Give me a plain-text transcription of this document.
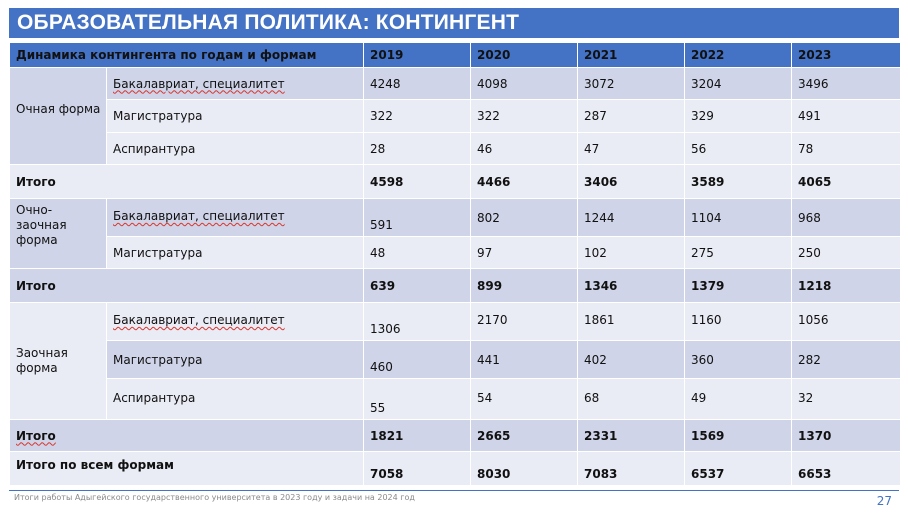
ОБРАЗОВАТЕЛЬНАЯ ПОЛИТИКА: КОНТИНГЕНТ
Динамика контингента по годам и формам		2019	2020	2021	2022	2023
Очная форма	Бакалавриат, специалитет	4248	4098	3072	3204	3496
	Магистратура	322	322	287	329	491
	Аспирантура	28	46	47	56	78
Итого		4598	4466	3406	3589	4065
Очно-заочная форма	Бакалавриат, специалитет	591	802	1244	1104	968
	Магистратура	48	97	102	275	250
Итого		639	899	1346	1379	1218
Заочная форма	Бакалавриат, специалитет	1306	2170	1861	1160	1056
	Магистратура	460	441	402	360	282
	Аспирантура	55	54	68	49	32
Итого		1821	2665	2331	1569	1370
Итого по всем формам		7058	8030	7083	6537	6653
Итоги работы Адыгейского государственного университета в 2023 году и задачи на 2024 год	27
